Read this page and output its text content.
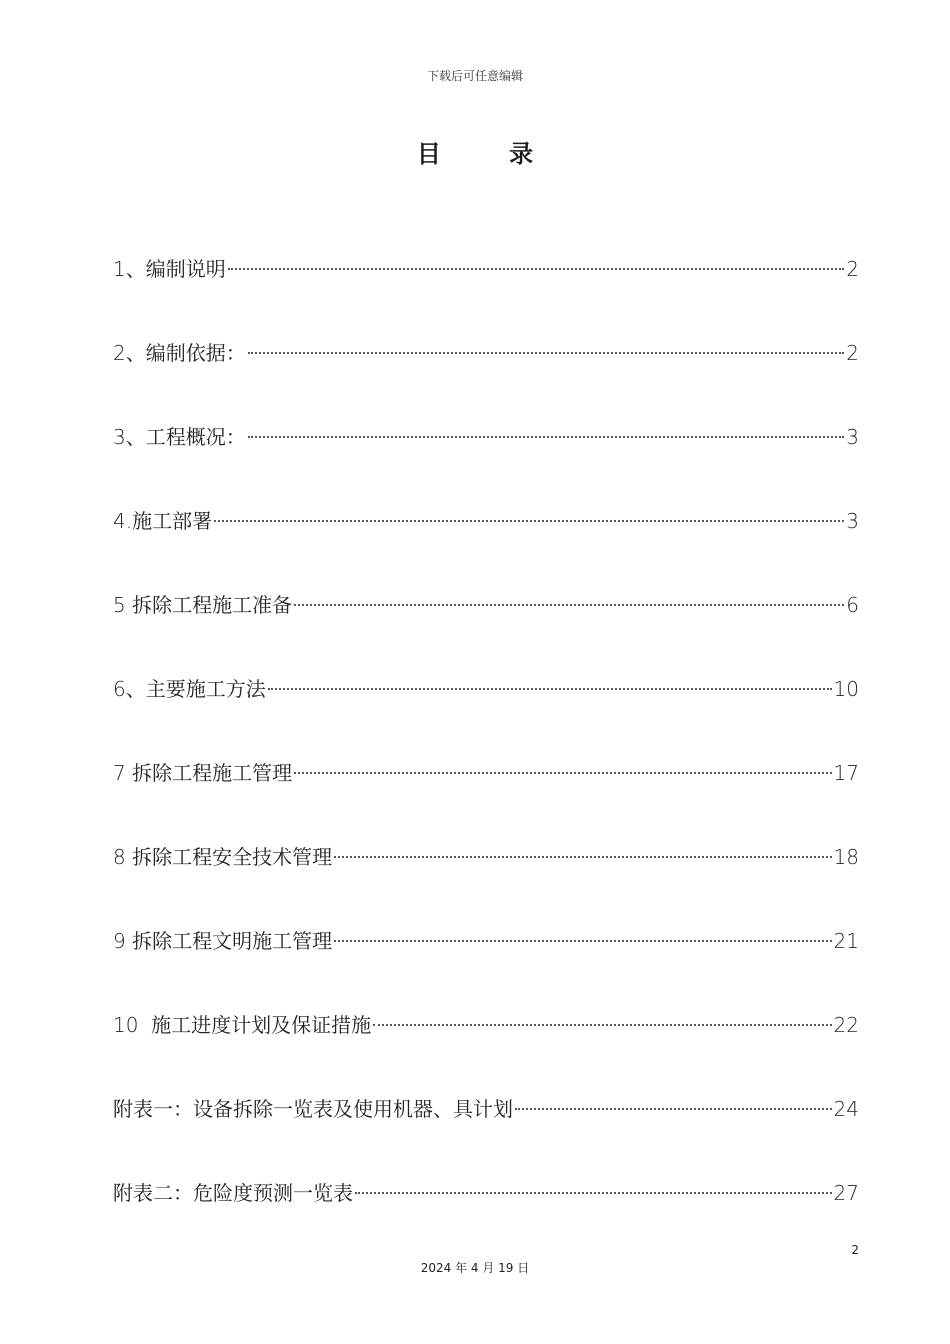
下载后可任意编辑
目 录
1、编制说明	2
2、编制依据：	2
3、工程概况：	3
4.施工部署	3
5 拆除工程施工准备	6
6、主要施工方法	10
7 拆除工程施工管理	17
8 拆除工程安全技术管理	18
9 拆除工程文明施工管理	21
10  施工进度计划及保证措施	22
附表一：设备拆除一览表及使用机器、具计划	24
附表二：危险度预测一览表	27
2
2024 年 4 月 19 日
